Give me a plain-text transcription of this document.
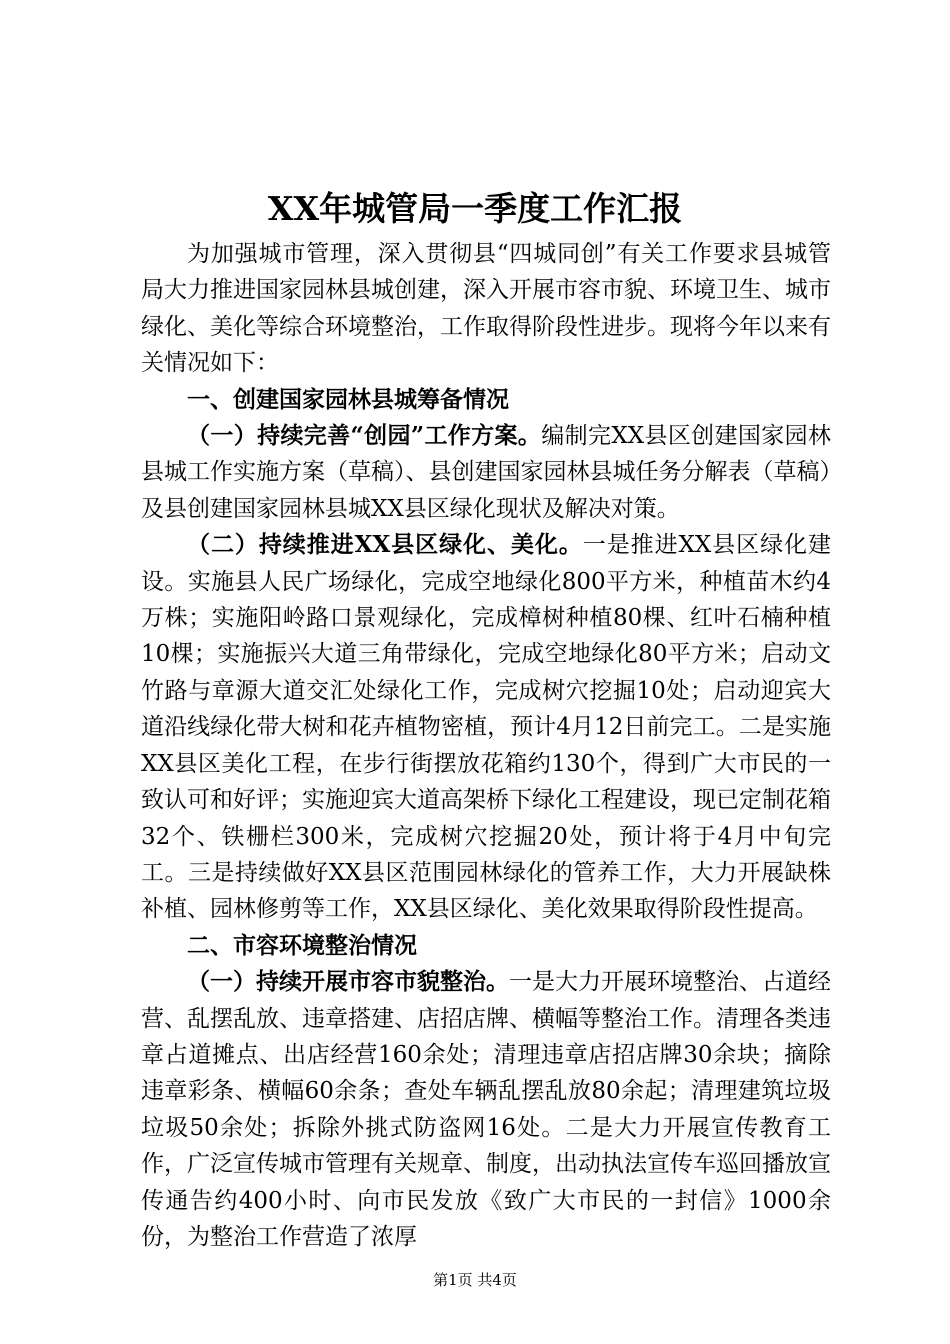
XX年城管局一季度工作汇报

为加强城市管理，深入贯彻县“四城同创”有关工作要求县城管局大力推进国家园林县城创建，深入开展市容市貌、环境卫生、城市绿化、美化等综合环境整治，工作取得阶段性进步。现将今年以来有关情况如下：

一、创建国家园林县城筹备情况

（一）持续完善“创园”工作方案。编制完XX县区创建国家园林县城工作实施方案（草稿）、县创建国家园林县城任务分解表（草稿）及县创建国家园林县城XX县区绿化现状及解决对策。

（二）持续推进XX县区绿化、美化。一是推进XX县区绿化建设。实施县人民广场绿化，完成空地绿化800平方米，种植苗木约4万株；实施阳岭路口景观绿化，完成樟树种植80棵、红叶石楠种植10棵；实施振兴大道三角带绿化，完成空地绿化80平方米；启动文竹路与章源大道交汇处绿化工作，完成树穴挖掘10处；启动迎宾大道沿线绿化带大树和花卉植物密植，预计4月12日前完工。二是实施XX县区美化工程，在步行街摆放花箱约130个，得到广大市民的一致认可和好评；实施迎宾大道高架桥下绿化工程建设，现已定制花箱32个、铁栅栏300米，完成树穴挖掘20处，预计将于4月中旬完工。三是持续做好XX县区范围园林绿化的管养工作，大力开展缺株补植、园林修剪等工作，XX县区绿化、美化效果取得阶段性提高。

二、市容环境整治情况

（一）持续开展市容市貌整治。一是大力开展环境整治、占道经营、乱摆乱放、违章搭建、店招店牌、横幅等整治工作。清理各类违章占道摊点、出店经营160余处；清理违章店招店牌30余块；摘除违章彩条、横幅60余条；查处车辆乱摆乱放80余起；清理建筑垃圾垃圾50余处；拆除外挑式防盗网16处。二是大力开展宣传教育工作，广泛宣传城市管理有关规章、制度，出动执法宣传车巡回播放宣传通告约400小时、向市民发放《致广大市民的一封信》1000余份，为整治工作营造了浓厚

第1页 共4页
